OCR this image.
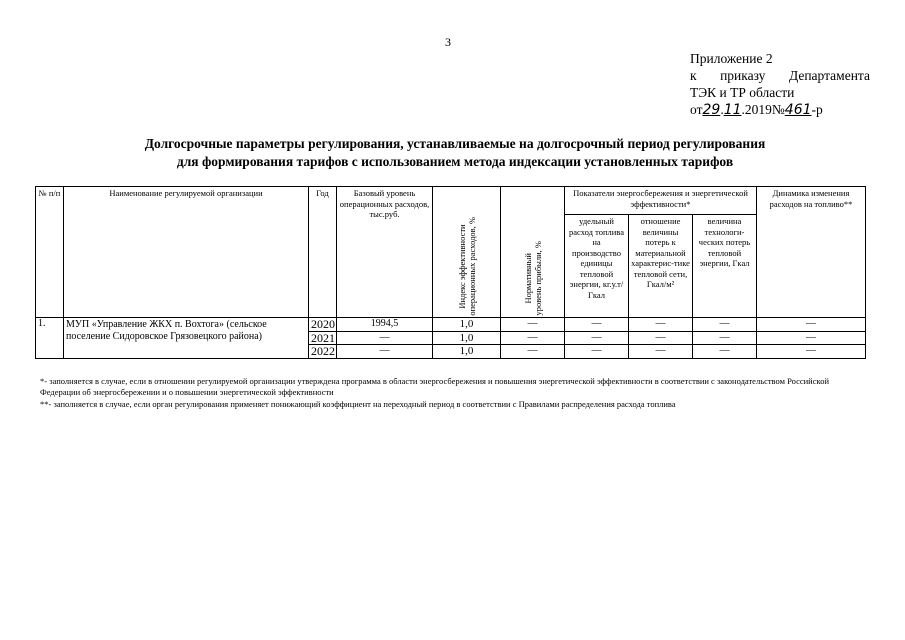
3
Приложение 2
к приказу Департамента
ТЭК и ТР области
от29.11.2019№461-р
Долгосрочные параметры регулирования, устанавливаемые на долгосрочный период регулирования
для формирования тарифов с использованием метода индексации установленных тарифов
№ п/п	Наименование регулируемой организации	Год	Базовый уровень операционных расходов, тыс.руб.	Индекс эффективности
операционных расходов, %	Нормативный
уровень прибыли, %	Показатели энергосбережения и энергетической эффективности*			Динамика изменения расходов на топливо**
						удельный расход топлива на производство единицы тепловой энергии, кг.у.т/Гкал	отношение величины потерь к материальной характерис-тике тепловой сети, Гкал/м²	величина технологи-ческих потерь тепловой энергии, Гкал	
1.	МУП «Управление ЖКХ п. Вохтога» (сельское поселение Сидоровское Грязовецкого района)	2020	1994,5	1,0	—	—	—	—	—
		2021	—	1,0	—	—	—	—	—
		2022	—	1,0	—	—	—	—	—

*- заполняется в случае, если в отношении регулируемой организации утверждена программа в области энергосбережения и повышения энергетической эффективности в соответствии с законодательством Российской Федерации об энергосбережении и о повышении энергетической эффективности

**- заполняется в случае, если орган регулирования применяет понижающий коэффициент на переходный период в соответствии с Правилами распределения расхода топлива
